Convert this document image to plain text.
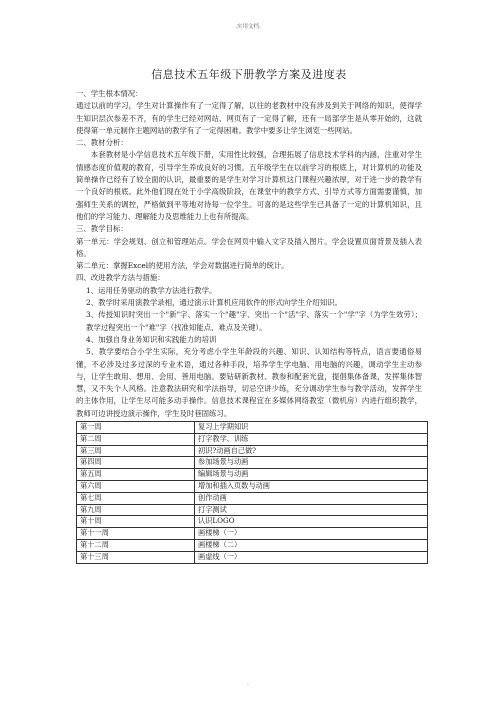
.实用文档.
信息技术五年级下册教学方案及进度表
一、学生根本情况：

通过以前的学习，学生对计算操作有了一定得了解，以往的老教材中没有涉及到关于网络的知识，使得学生知识层次参差不齐，有的学生已经对网站、网页有了一定得了解，还有一局部学生是从零开始的，这就使得第一单元制作主题网站的教学有了一定得困难。教学中要多让学生浏览一些网站。

二、教材分析：

本套教材是小学信息技术五年级下册，实用性比较强，合理拓展了信息技术学科的内涵，注重对学生情感态度价值观的教育，引导学生养成良好的习惯。五年级学生在以前学习的根底上，对计算机的功能及简单操作已经有了较全面的认识，最重要的是学生对学习计算机这门课程兴趣浓厚，对于进一步的教学有一个良好的根底。此外他们现在处于小学高级阶段，在课堂中的教学方式、引导方式等方面需要谨慎，加强师生关系的调控，严格做到平等地对待每一位学生。可喜的是这些学生已具备了一定的计算机知识，且他们的学习能力、理解能力及思维能力上也有所提高。

三、教学目标：

第一单元：学会规划、创立和管理站点。学会在网页中输入文字及插入图片。学会设置页面背景及插入表格。

第二单元：掌握Excel的使用方法，学会对数据进行简单的统计。

四、改进教学方法与措施：

1、运用任务驱动的教学方法进行教学。

2、教学时采用演教学录相，通过演示计算机应用软件的形式向学生介绍知识。

3、传授知识时突出一个"新"字、落实一个"趣"字、突出一个"活"字、落实一个"学"字（为学生效劳）；教学过程突出一个"难"字（找准知能点、难点及关键）。

4、加强自身业务知识和实践能力的培训

5、教学要结合小学生实际，充分考虑小学生年龄段的兴趣、知识、认知结构等特点，语言要通俗易懂，不必涉及过多过深的专业术语，通过各种手段，培养学生学电脑、用电脑的兴趣，调动学生主动参与，让学生敢用、想用、会用、善用电脑。要钻研新教材、教参和配套光盘，提倡集体备课，发挥集体智慧，又不失个人风格。注意教法研究和学法指导，切忌空讲少练，充分调动学生参与教学活动，发挥学生的主体作用，让学生尽可能多动手操作。信息技术课程宜在多媒体网络教室（微机房）内进行组织教学，教师可边讲授边演示操作，学生及时巷固练习。

第一周	复习上学期知识
第二周	打字教学、训练
第三周	初识?动画自己做?
第四周	参加场景与动画
第五周	编辑场景与动画
第六周	增加和插入页数与动画
第七周	创作动画
第九周	打字测试
第十周	认识LOGO
第十一周	画楼梯（一）
第十二周	画楼梯（二）
第十三周	画虚线（一）
.
